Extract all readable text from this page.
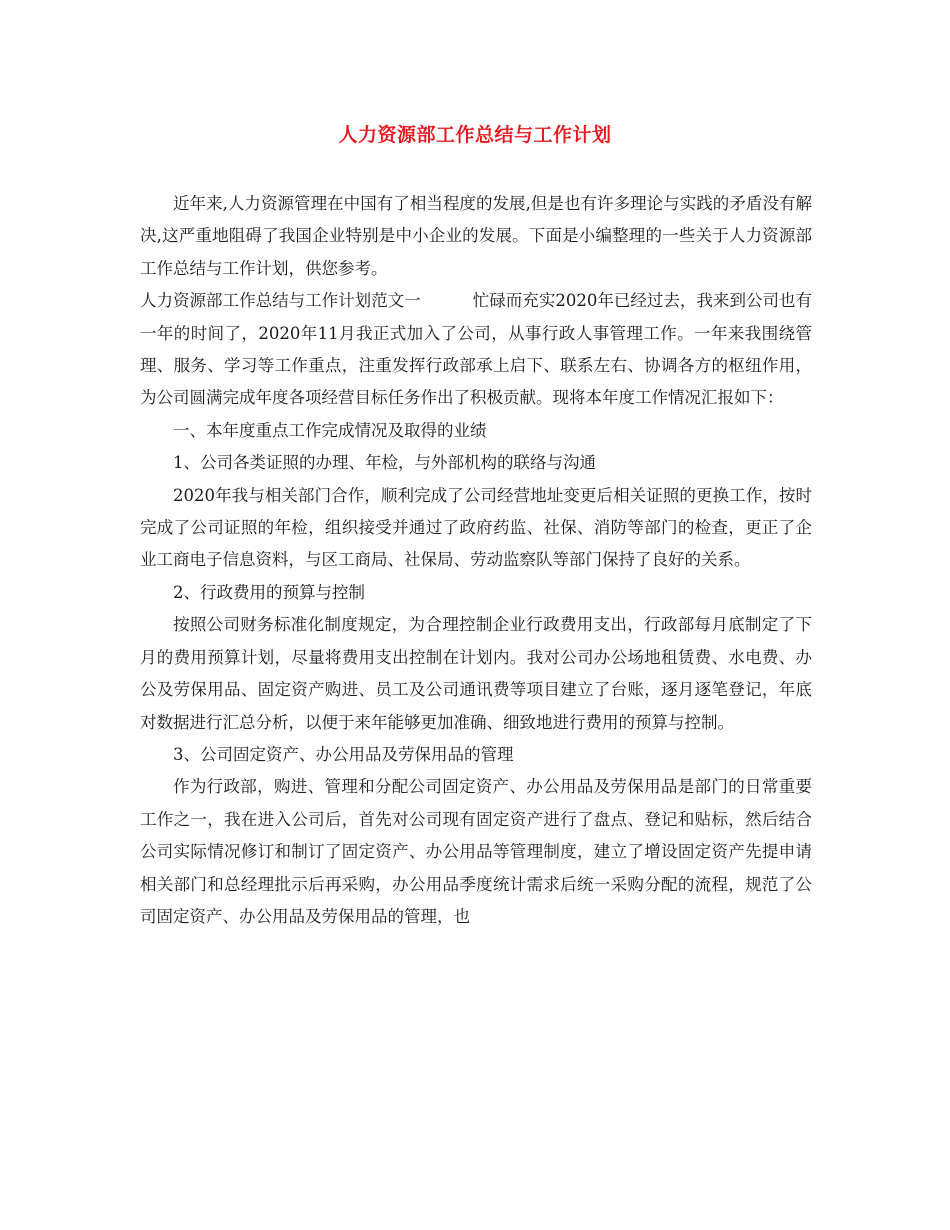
人力资源部工作总结与工作计划

近年来,人力资源管理在中国有了相当程度的发展,但是也有许多理论与实践的矛盾没有解决,这严重地阻碍了我国企业特别是中小企业的发展。下面是小编整理的一些关于人力资源部工作总结与工作计划，供您参考。

人力资源部工作总结与工作计划范文一	忙碌而充实2020年已经过去，我来到公司也有一年的时间了，2020年11月我正式加入了公司，从事行政人事管理工作。一年来我围绕管理、服务、学习等工作重点，注重发挥行政部承上启下、联系左右、协调各方的枢纽作用，为公司圆满完成年度各项经营目标任务作出了积极贡献。现将本年度工作情况汇报如下：

一、本年度重点工作完成情况及取得的业绩

1、公司各类证照的办理、年检，与外部机构的联络与沟通

2020年我与相关部门合作，顺利完成了公司经营地址变更后相关证照的更换工作，按时完成了公司证照的年检，组织接受并通过了政府药监、社保、消防等部门的检查，更正了企业工商电子信息资料，与区工商局、社保局、劳动监察队等部门保持了良好的关系。

2、行政费用的预算与控制

按照公司财务标准化制度规定，为合理控制企业行政费用支出，行政部每月底制定了下月的费用预算计划，尽量将费用支出控制在计划内。我对公司办公场地租赁费、水电费、办公及劳保用品、固定资产购进、员工及公司通讯费等项目建立了台账，逐月逐笔登记，年底对数据进行汇总分析，以便于来年能够更加准确、细致地进行费用的预算与控制。

3、公司固定资产、办公用品及劳保用品的管理

作为行政部，购进、管理和分配公司固定资产、办公用品及劳保用品是部门的日常重要工作之一，我在进入公司后，首先对公司现有固定资产进行了盘点、登记和贴标，然后结合公司实际情况修订和制订了固定资产、办公用品等管理制度，建立了增设固定资产先提申请相关部门和总经理批示后再采购，办公用品季度统计需求后统一采购分配的流程，规范了公司固定资产、办公用品及劳保用品的管理，也
